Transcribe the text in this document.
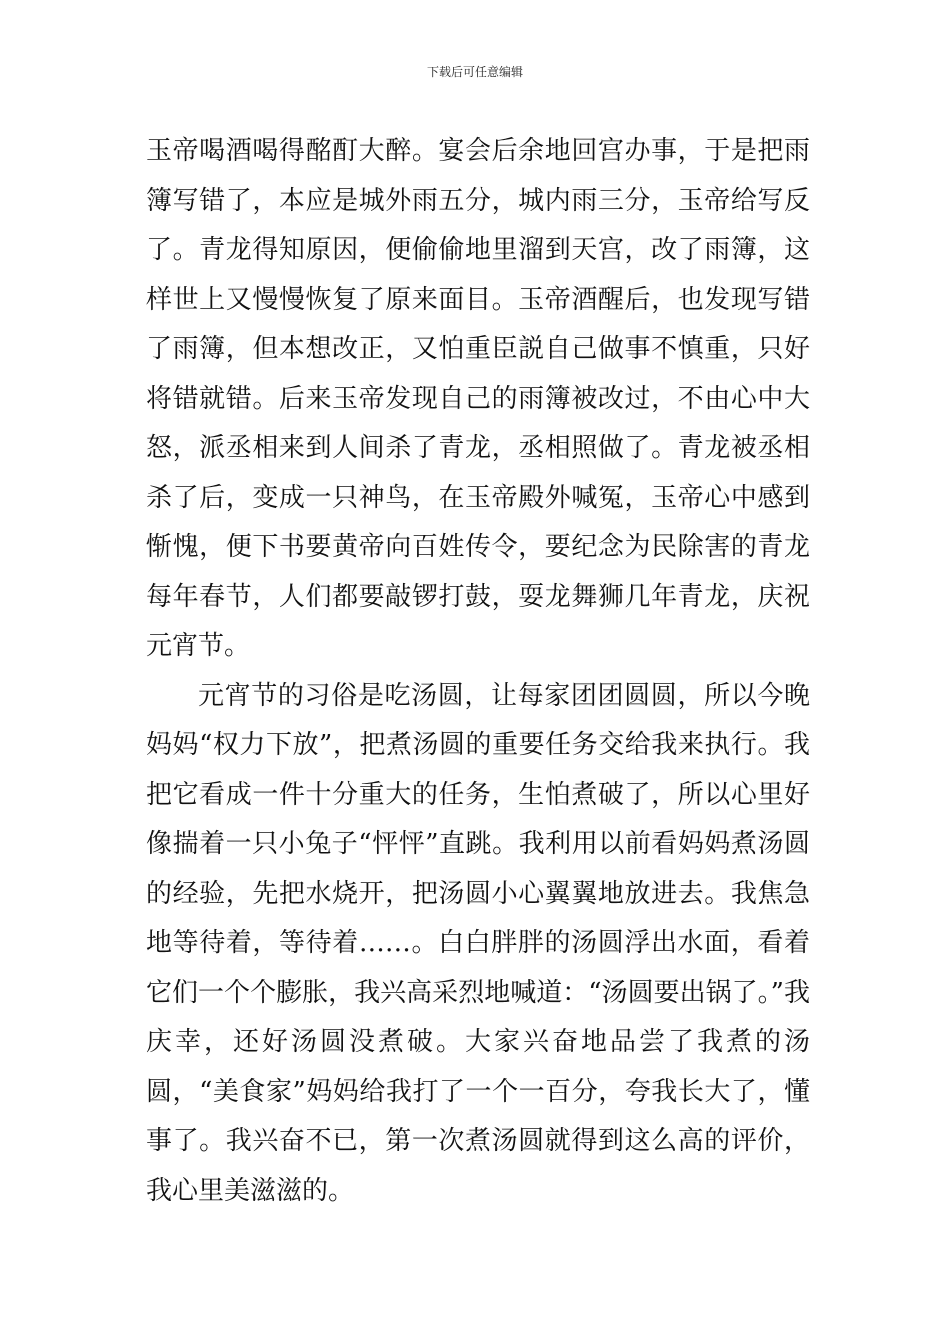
下载后可任意编辑

玉帝喝酒喝得酩酊大醉。宴会后余地回宫办事，于是把雨簿写错了，本应是城外雨五分，城内雨三分，玉帝给写反了。青龙得知原因，便偷偷地里溜到天宫，改了雨簿，这样世上又慢慢恢复了原来面目。玉帝酒醒后，也发现写错了雨簿，但本想改正，又怕重臣説自己做事不慎重，只好将错就错。后来玉帝发现自己的雨簿被改过，不由心中大怒，派丞相来到人间杀了青龙，丞相照做了。青龙被丞相杀了后，变成一只神鸟，在玉帝殿外喊冤，玉帝心中感到惭愧，便下书要黄帝向百姓传令，要纪念为民除害的青龙每年春节，人们都要敲锣打鼓，耍龙舞狮几年青龙，庆祝元宵节。

元宵节的习俗是吃汤圆，让每家团团圆圆，所以今晚妈妈“权力下放”，把煮汤圆的重要任务交给我来执行。我把它看成一件十分重大的任务，生怕煮破了，所以心里好像揣着一只小兔子“怦怦”直跳。我利用以前看妈妈煮汤圆的经验，先把水烧开，把汤圆小心翼翼地放进去。我焦急地等待着，等待着……。白白胖胖的汤圆浮出水面，看着它们一个个膨胀，我兴高采烈地喊道：“汤圆要出锅了。”我庆幸，还好汤圆没煮破。大家兴奋地品尝了我煮的汤圆，“美食家”妈妈给我打了一个一百分，夸我长大了，懂事了。我兴奋不已，第一次煮汤圆就得到这么高的评价，我心里美滋滋的。
